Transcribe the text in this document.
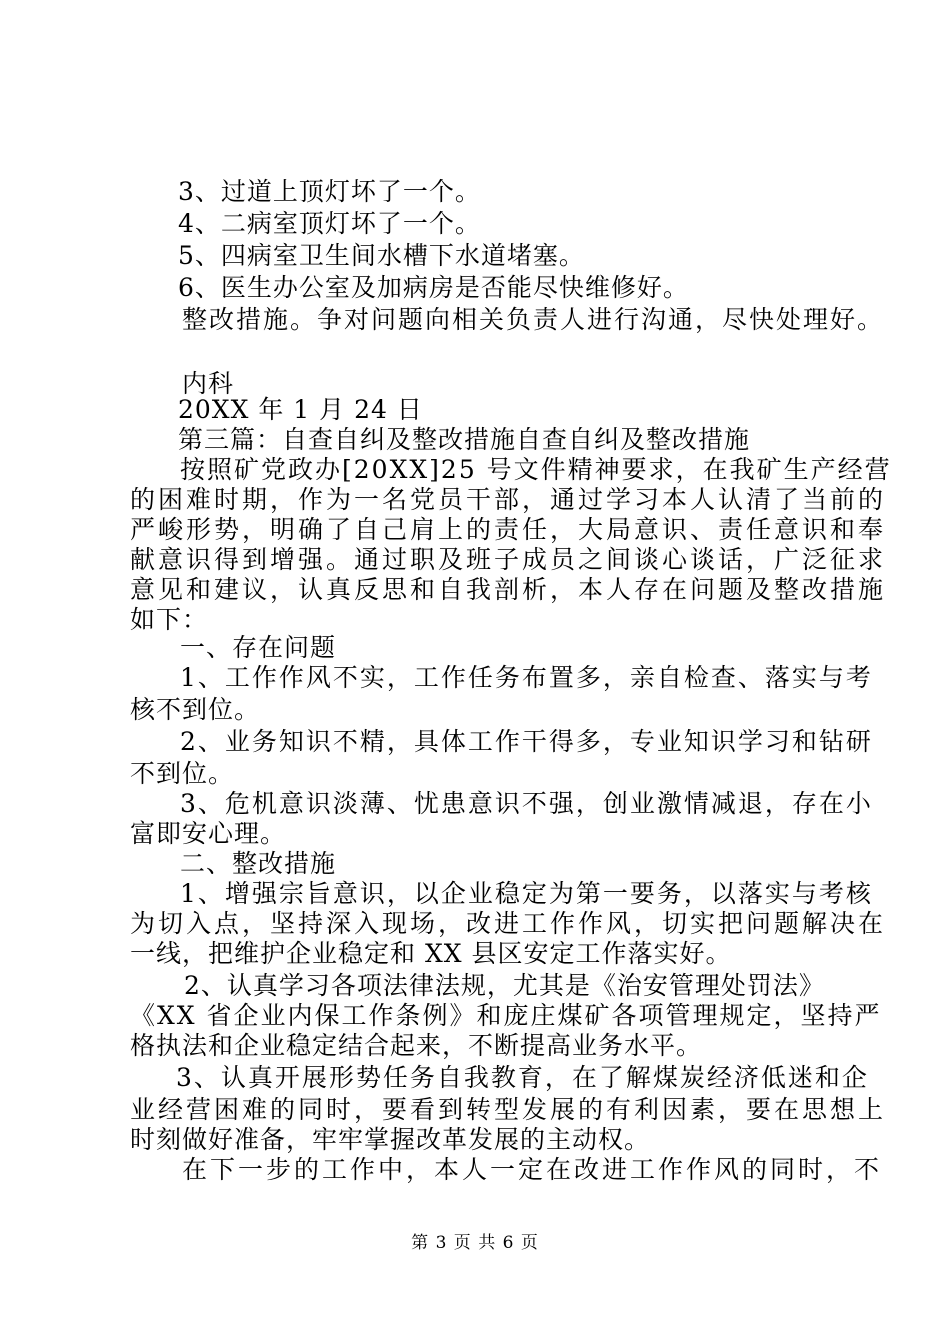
3、过道上顶灯坏了一个。
4、二病室顶灯坏了一个。
5、四病室卫生间水槽下水道堵塞。
6、医生办公室及加病房是否能尽快维修好。
整改措施。争对问题向相关负责人进行沟通，尽快处理好。
内科
20XX 年 1 月 24 日
第三篇：自查自纠及整改措施自查自纠及整改措施
按照矿党政办[20XX]25 号文件精神要求，在我矿生产经营
的困难时期，作为一名党员干部，通过学习本人认清了当前的
严峻形势，明确了自己肩上的责任，大局意识、责任意识和奉
献意识得到增强。通过职及班子成员之间谈心谈话，广泛征求
意见和建议，认真反思和自我剖析，本人存在问题及整改措施
如下：
一、存在问题
1、工作作风不实，工作任务布置多，亲自检查、落实与考
核不到位。
2、业务知识不精，具体工作干得多，专业知识学习和钻研
不到位。
3、危机意识淡薄、忧患意识不强，创业激情减退，存在小
富即安心理。
二、整改措施
1、增强宗旨意识，以企业稳定为第一要务，以落实与考核
为切入点，坚持深入现场，改进工作作风，切实把问题解决在
一线，把维护企业稳定和 XX 县区安定工作落实好。
2、认真学习各项法律法规，尤其是《治安管理处罚法》
《XX 省企业内保工作条例》和庞庄煤矿各项管理规定，坚持严
格执法和企业稳定结合起来，不断提高业务水平。
3、认真开展形势任务自我教育，在了解煤炭经济低迷和企
业经营困难的同时，要看到转型发展的有利因素，要在思想上
时刻做好准备，牢牢掌握改革发展的主动权。
在下一步的工作中，本人一定在改进工作作风的同时，不
第 3 页 共 6 页
